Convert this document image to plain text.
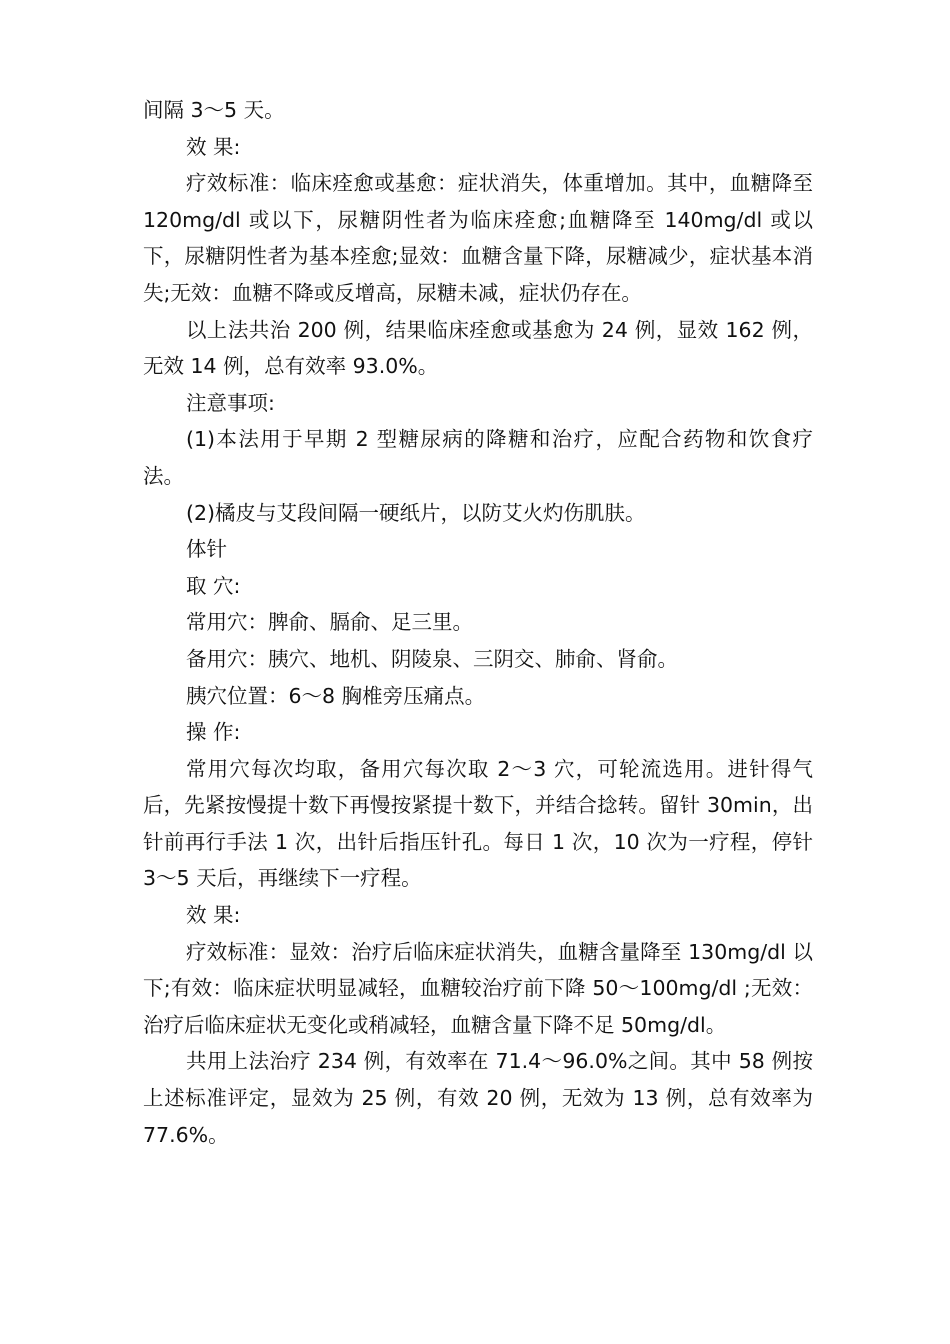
间隔 3～5 天。

效 果:

疗效标准：临床痊愈或基愈：症状消失，体重增加。其中，血糖降至 120mg/dl 或以下，尿糖阴性者为临床痊愈;血糖降至 140mg/dl 或以下，尿糖阴性者为基本痊愈;显效：血糖含量下降，尿糖减少，症状基本消失;无效：血糖不降或反增高，尿糖未减，症状仍存在。

以上法共治 200 例，结果临床痊愈或基愈为 24 例，显效 162 例，无效 14 例，总有效率 93.0%。

注意事项:

(1)本法用于早期 2 型糖尿病的降糖和治疗，应配合药物和饮食疗法。

(2)橘皮与艾段间隔一硬纸片，以防艾火灼伤肌肤。

体针

取 穴:

常用穴：脾俞、膈俞、足三里。

备用穴：胰穴、地机、阴陵泉、三阴交、肺俞、肾俞。

胰穴位置：6～8 胸椎旁压痛点。

操 作:

常用穴每次均取，备用穴每次取 2～3 穴，可轮流选用。进针得气后，先紧按慢提十数下再慢按紧提十数下，并结合捻转。留针 30min，出针前再行手法 1 次，出针后指压针孔。每日 1 次，10 次为一疗程，停针 3～5 天后，再继续下一疗程。

效 果:

疗效标准：显效：治疗后临床症状消失，血糖含量降至 130mg/dl 以下;有效：临床症状明显减轻，血糖较治疗前下降 50～100mg/dl ;无效：治疗后临床症状无变化或稍减轻，血糖含量下降不足 50mg/dl。

共用上法治疗 234 例，有效率在 71.4～96.0%之间。其中 58 例按上述标准评定，显效为 25 例，有效 20 例，无效为 13 例，总有效率为 77.6%。
